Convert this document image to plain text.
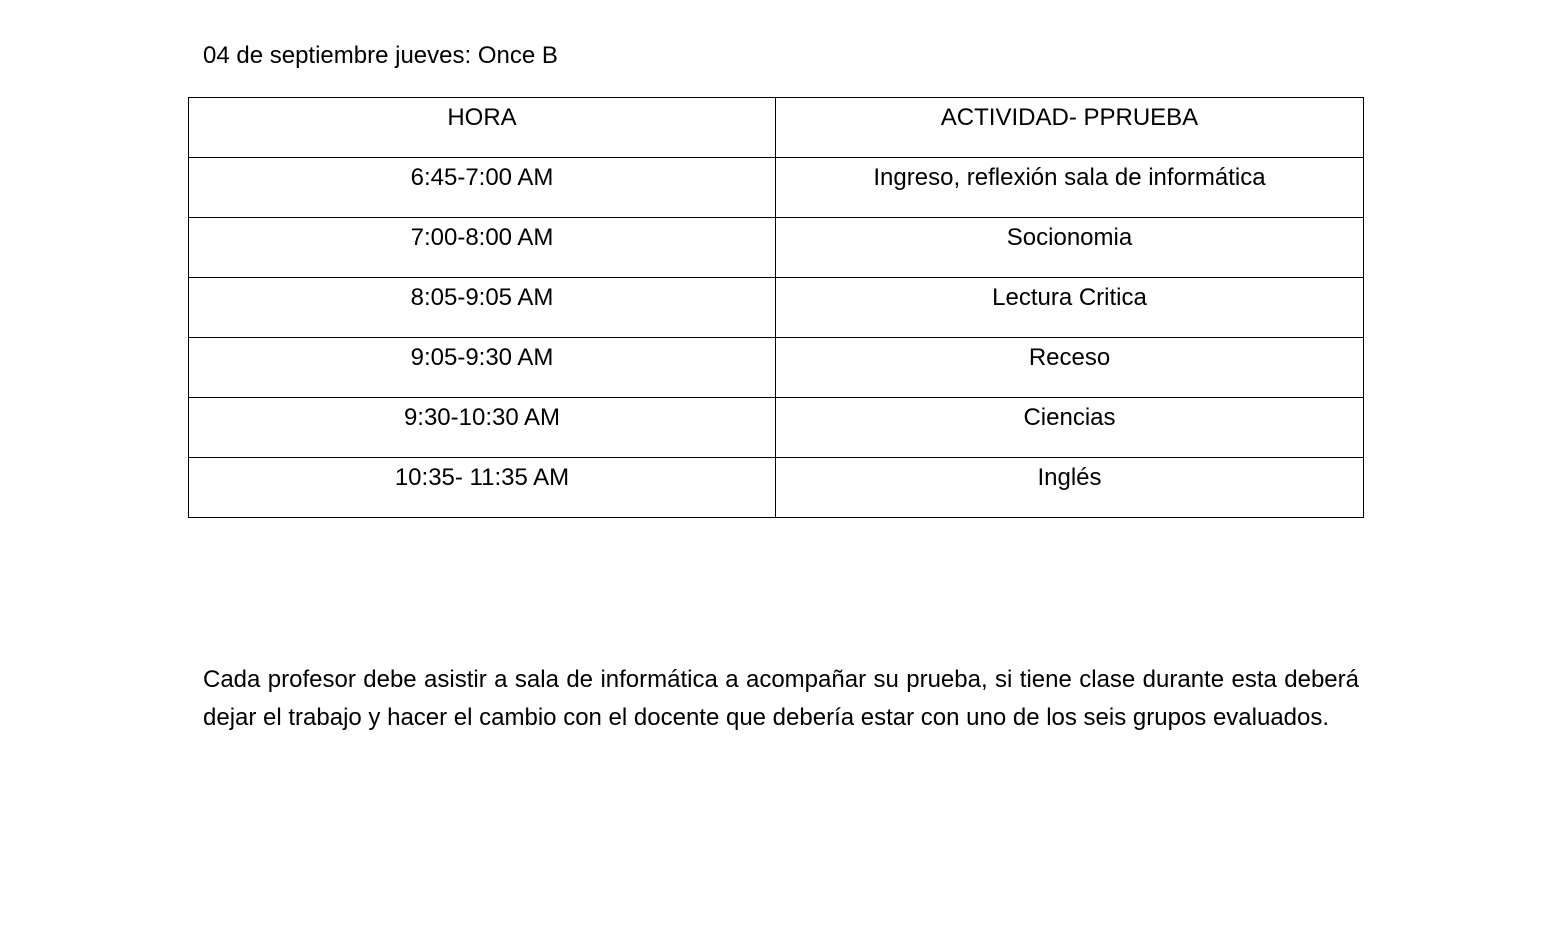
04 de septiembre jueves: Once B
HORA	ACTIVIDAD- PPRUEBA
6:45-7:00 AM	Ingreso, reflexión sala de informática
7:00-8:00 AM	Socionomia
8:05-9:05 AM	Lectura Critica
9:05-9:30 AM	Receso
9:30-10:30 AM	Ciencias
10:35- 11:35 AM	Inglés

Cada profesor debe asistir a sala de informática a acompañar su prueba, si tiene clase durante esta deberá dejar el trabajo y hacer el cambio con el docente que debería estar con uno de los seis grupos evaluados.
